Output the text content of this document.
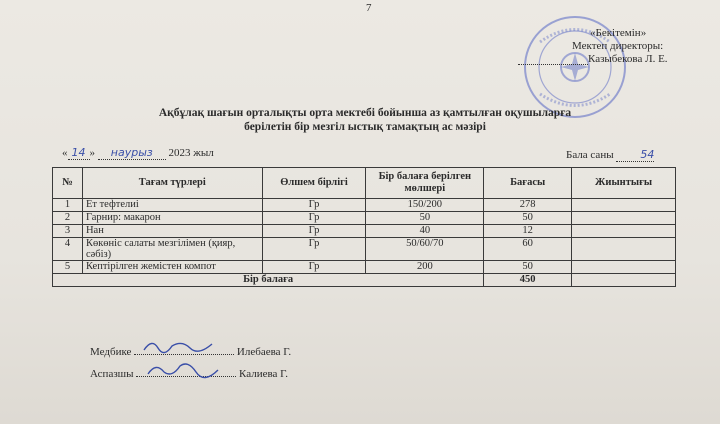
7
«Бекітемін»
Мектеп директоры:
Казыбекова Л. Е.
Ақбұлақ шағын орталықты орта мектебі бойынша аз қамтылған оқушыларға
берілетін бір мезгіл ыстық тамақтың ас мәзірі
« 14 » наурыз 2023 жыл	Бала саны 54
№	Тағам түрлері	Өлшем бірлігі	Бір балаға берілген мөлшері	Бағасы	Жиынтығы
1	Ет тефтелиі	Гр	150/200	278	
2	Гарнир: макарон	Гр	50	50	
3	Нан	Гр	40	12	
4	Көкөніс салаты мезгілімен (қияр, сәбіз)	Гр	50/60/70	60	
5	Кептірілген жемістен компот	Гр	200	50	
Бір балаға				450	
Медбике	Илебаева Г.
Аспазшы	Калиева Г.
